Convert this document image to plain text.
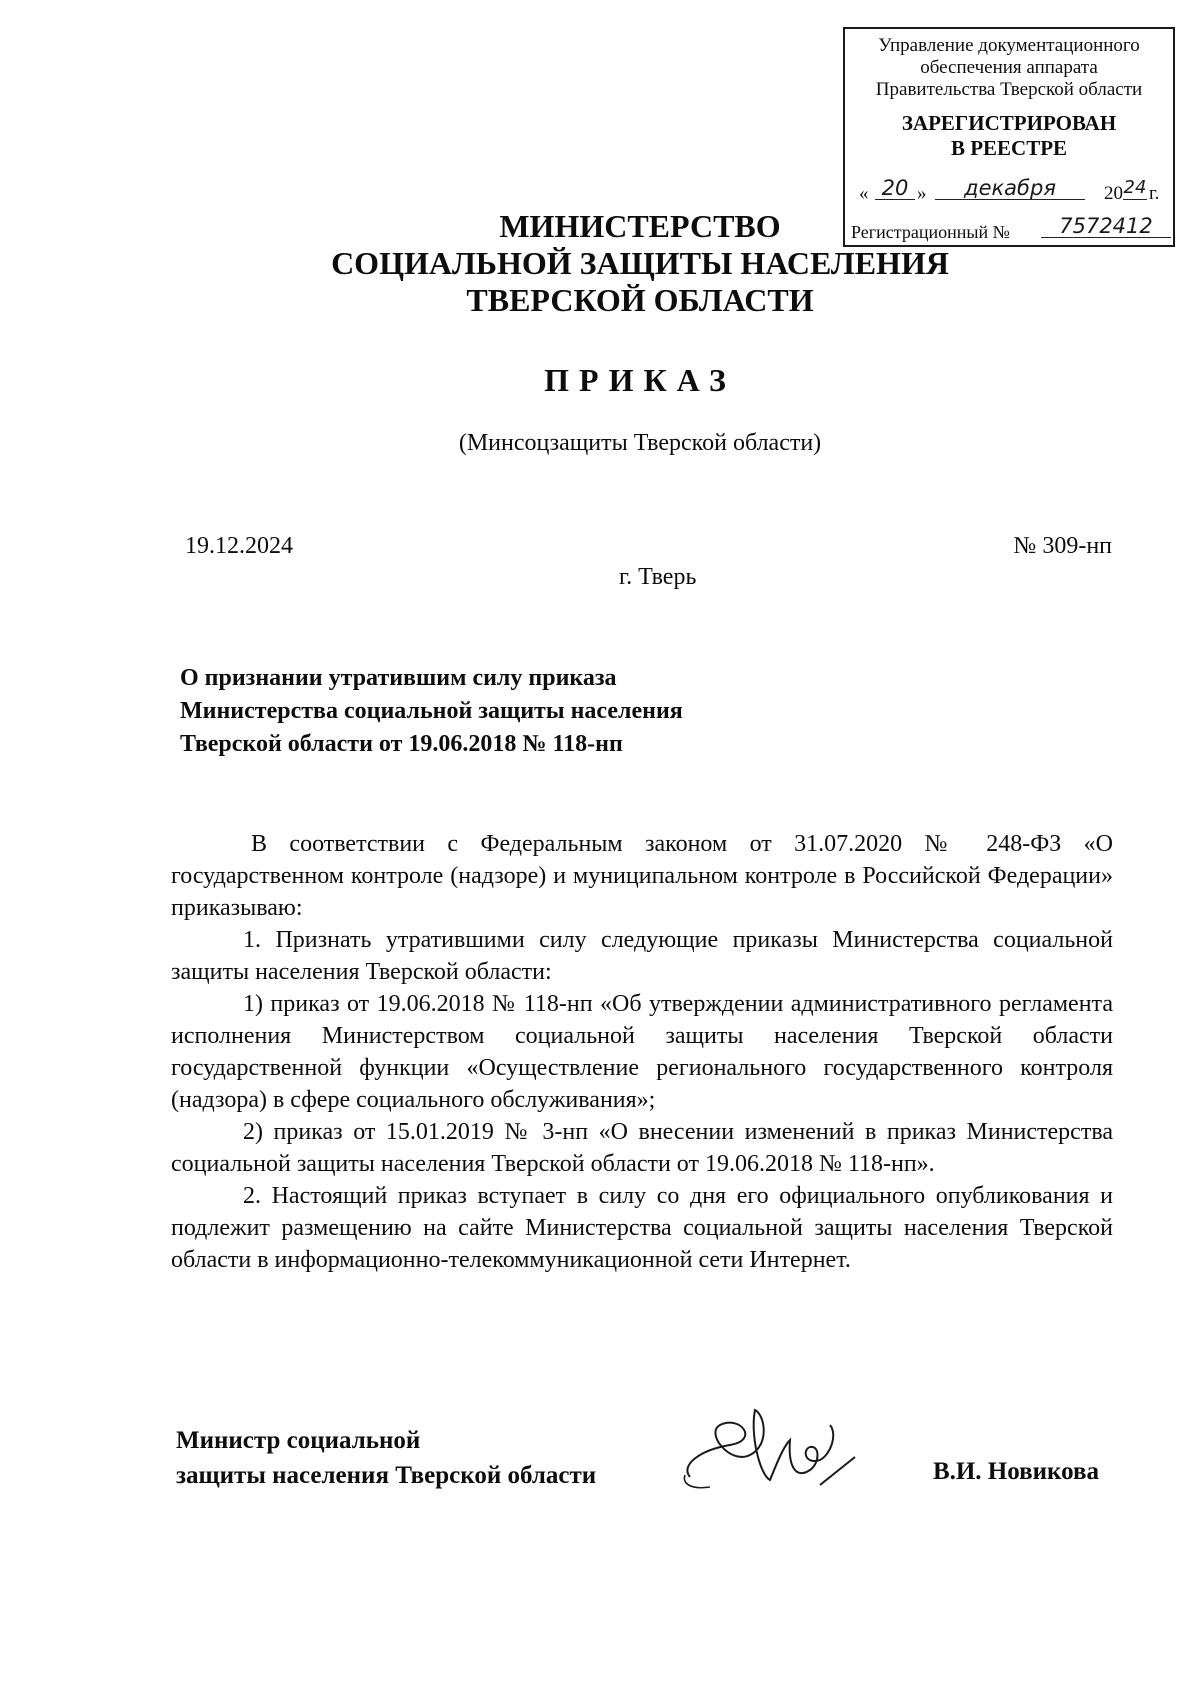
Управление документационного
обеспечения аппарата
Правительства Тверской области
ЗАРЕГИСТРИРОВАН
В РЕЕСТРЕ
« 20 »	декабря	20 24 г.
Регистрационный №	7572412
МИНИСТЕРСТВО
СОЦИАЛЬНОЙ ЗАЩИТЫ НАСЕЛЕНИЯ
ТВЕРСКОЙ ОБЛАСТИ
ПРИКАЗ
(Минсоцзащиты Тверской области)
19.12.2024	№ 309-нп
г. Тверь
О признании утратившим силу приказа
Министерства социальной защиты населения
Тверской области от 19.06.2018 № 118-нп

В соответствии с Федеральным законом от 31.07.2020 № 248-ФЗ «О государственном контроле (надзоре) и муниципальном контроле в Российской Федерации» приказываю:

1. Признать утратившими силу следующие приказы Министерства социальной защиты населения Тверской области:

1) приказ от 19.06.2018 № 118-нп «Об утверждении административного регламента исполнения Министерством социальной защиты населения Тверской области государственной функции «Осуществление регионального государственного контроля (надзора) в сфере социального обслуживания»;

2) приказ от 15.01.2019 № 3-нп «О внесении изменений в приказ Министерства социальной защиты населения Тверской области от 19.06.2018 № 118-нп».

2. Настоящий приказ вступает в силу со дня его официального опубликования и подлежит размещению на сайте Министерства социальной защиты населения Тверской области в информационно-телекоммуникационной сети Интернет.

Министр социальной
защиты населения Тверской области	В.И. Новикова
